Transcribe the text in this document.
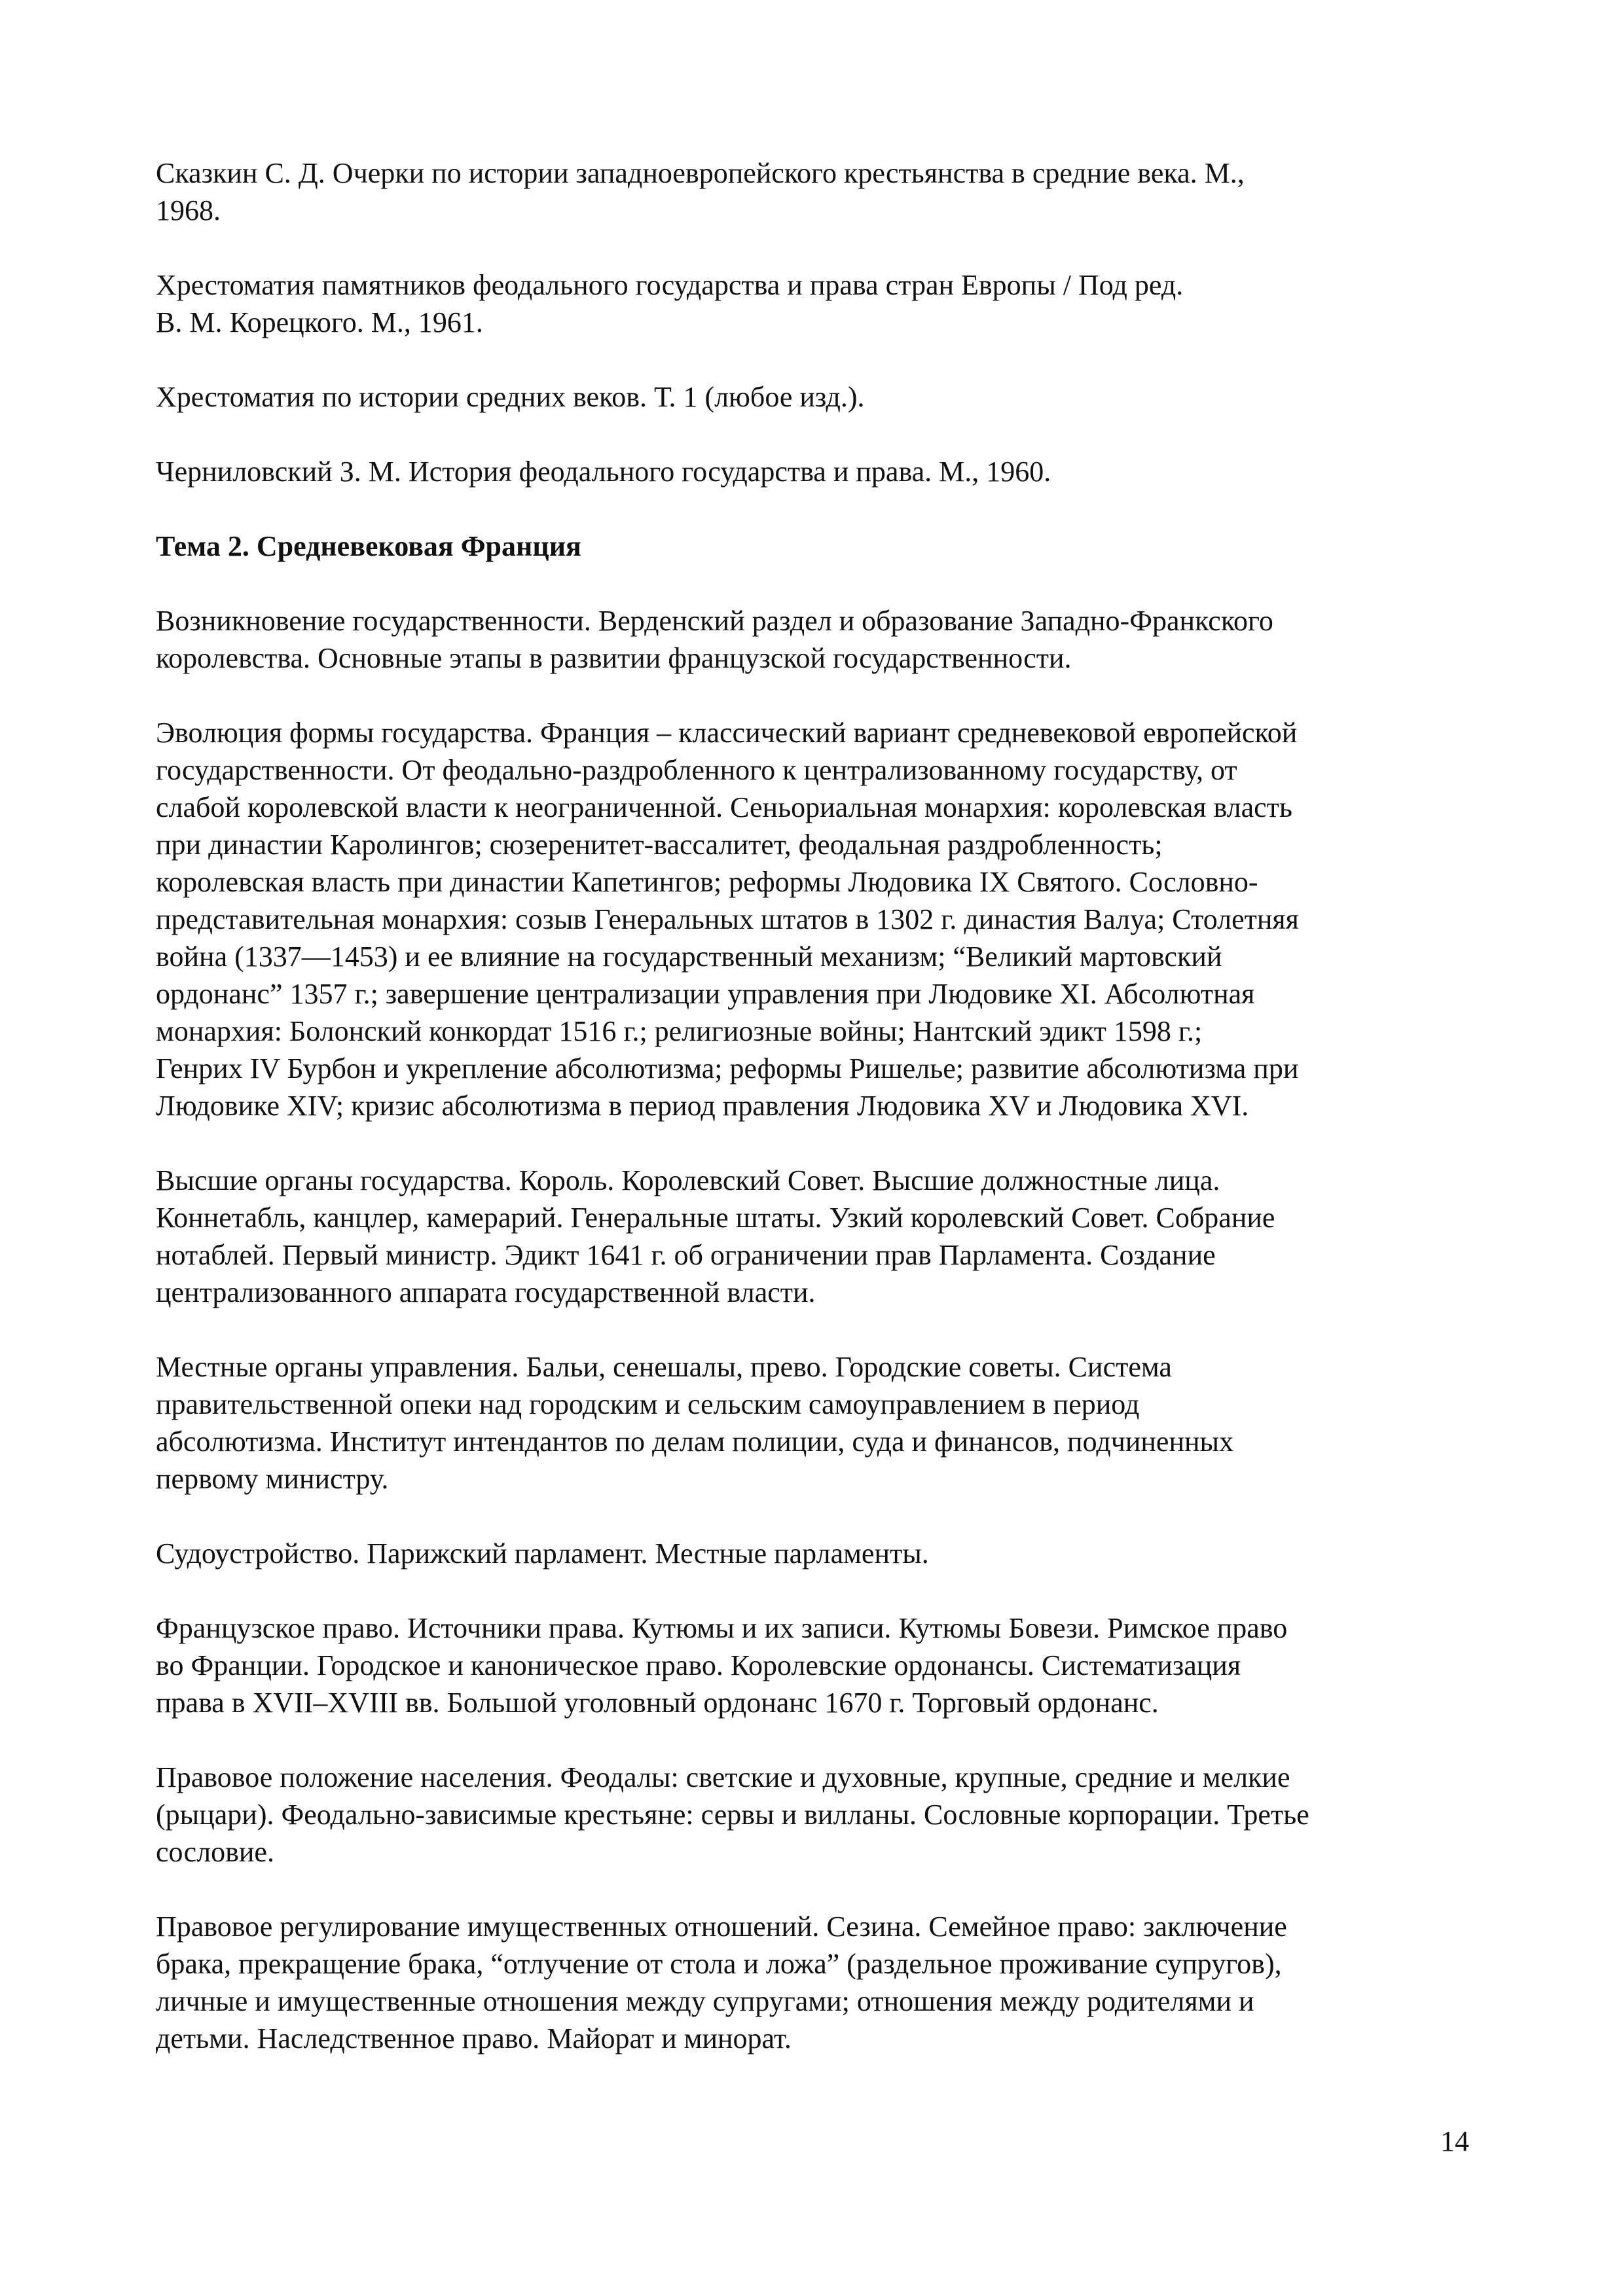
Сказкин С. Д. Очерки по истории западноевропейского крестьянства в средние века. М.,
1968.

Хрестоматия памятников феодального государства и права стран Европы / Под ред.
В. М. Корецкого. М., 1961.

Хрестоматия по истории средних веков. Т. 1 (любое изд.).

Черниловский З. М. История феодального государства и права. М., 1960.

Тема 2. Средневековая Франция

Возникновение государственности. Верденский раздел и образование Западно-Франкского
королевства. Основные этапы в развитии французской государственности.

Эволюция формы государства. Франция – классический вариант средневековой европейской
государственности. От феодально-раздробленного к централизованному государству, от
слабой королевской власти к неограниченной. Сеньориальная монархия: королевская власть
при династии Каролингов; сюзеренитет-вассалитет, феодальная раздробленность;
королевская власть при династии Капетингов; реформы Людовика IX Святого. Сословно-
представительная монархия: созыв Генеральных штатов в 1302 г. династия Валуа; Столетняя
война (1337—1453) и ее влияние на государственный механизм; “Великий мартовский
ордонанс” 1357 г.; завершение централизации управления при Людовике XI. Абсолютная
монархия: Болонский конкордат 1516 г.; религиозные войны; Нантский эдикт 1598 г.;
Генрих IV Бурбон и укрепление абсолютизма; реформы Ришелье; развитие абсолютизма при
Людовике XIV; кризис абсолютизма в период правления Людовика XV и Людовика XVI.

Высшие органы государства. Король. Королевский Совет. Высшие должностные лица.
Коннетабль, канцлер, камерарий. Генеральные штаты. Узкий королевский Совет. Собрание
нотаблей. Первый министр. Эдикт 1641 г. об ограничении прав Парламента. Создание
централизованного аппарата государственной власти.

Местные органы управления. Бальи, сенешалы, прево. Городские советы. Система
правительственной опеки над городским и сельским самоуправлением в период
абсолютизма. Институт интендантов по делам полиции, суда и финансов, подчиненных
первому министру.

Судоустройство. Парижский парламент. Местные парламенты.

Французское право. Источники права. Кутюмы и их записи. Кутюмы Бовези. Римское право
во Франции. Городское и каноническое право. Королевские ордонансы. Систематизация
права в XVII–XVIII вв. Большой уголовный ордонанс 1670 г. Торговый ордонанс.

Правовое положение населения. Феодалы: светские и духовные, крупные, средние и мелкие
(рыцари). Феодально-зависимые крестьяне: сервы и вилланы. Сословные корпорации. Третье
сословие.

Правовое регулирование имущественных отношений. Сезина. Семейное право: заключение
брака, прекращение брака, “отлучение от стола и ложа” (раздельное проживание супругов),
личные и имущественные отношения между супругами; отношения между родителями и
детьми. Наследственное право. Майорат и минорат.

14
